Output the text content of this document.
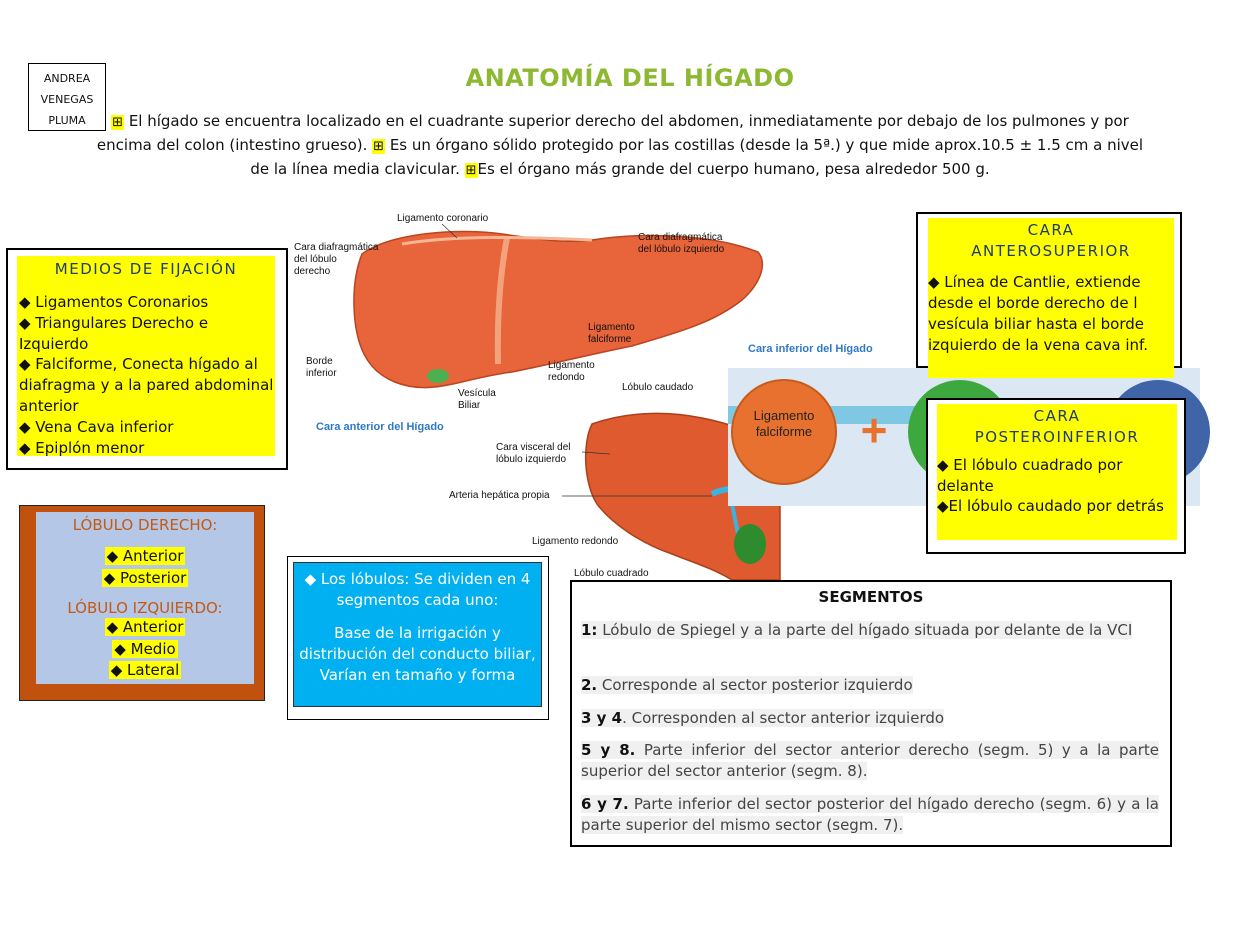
ANDREA
VENEGAS
PLUMA
ANATOMÍA DEL HÍGADO
⊞ El hígado se encuentra localizado en el cuadrante superior derecho del abdomen, inmediatamente por debajo de los pulmones y por encima del colon (intestino grueso). ⊞ Es un órgano sólido protegido por las costillas (desde la 5ª.) y que mide aprox.10.5 ± 1.5 cm a nivel de la línea media clavicular. ⊞Es el órgano más grande del cuerpo humano, pesa alrededor 500 g.
MEDIOS DE FIJACIÓN
◆ Ligamentos Coronarios
◆ Triangulares Derecho e Izquierdo
◆ Falciforme, Conecta hígado al diafragma y a la pared abdominal anterior
◆ Vena Cava inferior
◆ Epiplón menor
LÓBULO DERECHO:
◆ Anterior
◆ Posterior
LÓBULO IZQUIERDO:
◆ Anterior
◆ Medio
◆ Lateral
◆ Los lóbulos: Se dividen en 4 segmentos cada uno:
Base de la irrigación y distribución del conducto biliar, Varían en tamaño y forma
Ligamento coronario
Cara diafragmática
del lóbulo
derecho
Cara diafragmática
del lóbulo izquierdo
Ligamento
falciforme
Borde
inferior
Ligamento
redondo
Vesícula
Biliar
Cara anterior del Hígado
Cara inferior del Hígado
Lóbulo caudado
Cara visceral del
lóbulo izquierdo
Arteria hepática propia
Ligamento redondo
Lóbulo cuadrado
Ligamento
falciforme +
CARA
ANTEROSUPERIOR
◆ Línea de Cantlie, extiende desde el borde derecho de l vesícula biliar hasta el borde izquierdo de la vena cava inf.
CARA
POSTEROINFERIOR
◆ El lóbulo cuadrado por delante
◆El lóbulo caudado por detrás
SEGMENTOS
1: Lóbulo de Spiegel y a la parte del hígado situada por delante de la VCI
2. Corresponde al sector posterior izquierdo
3 y 4. Corresponden al sector anterior izquierdo
5 y 8. Parte inferior del sector anterior derecho (segm. 5) y a la parte superior del sector anterior (segm. 8).
6 y 7. Parte inferior del sector posterior del hígado derecho (segm. 6) y a la parte superior del mismo sector (segm. 7).
